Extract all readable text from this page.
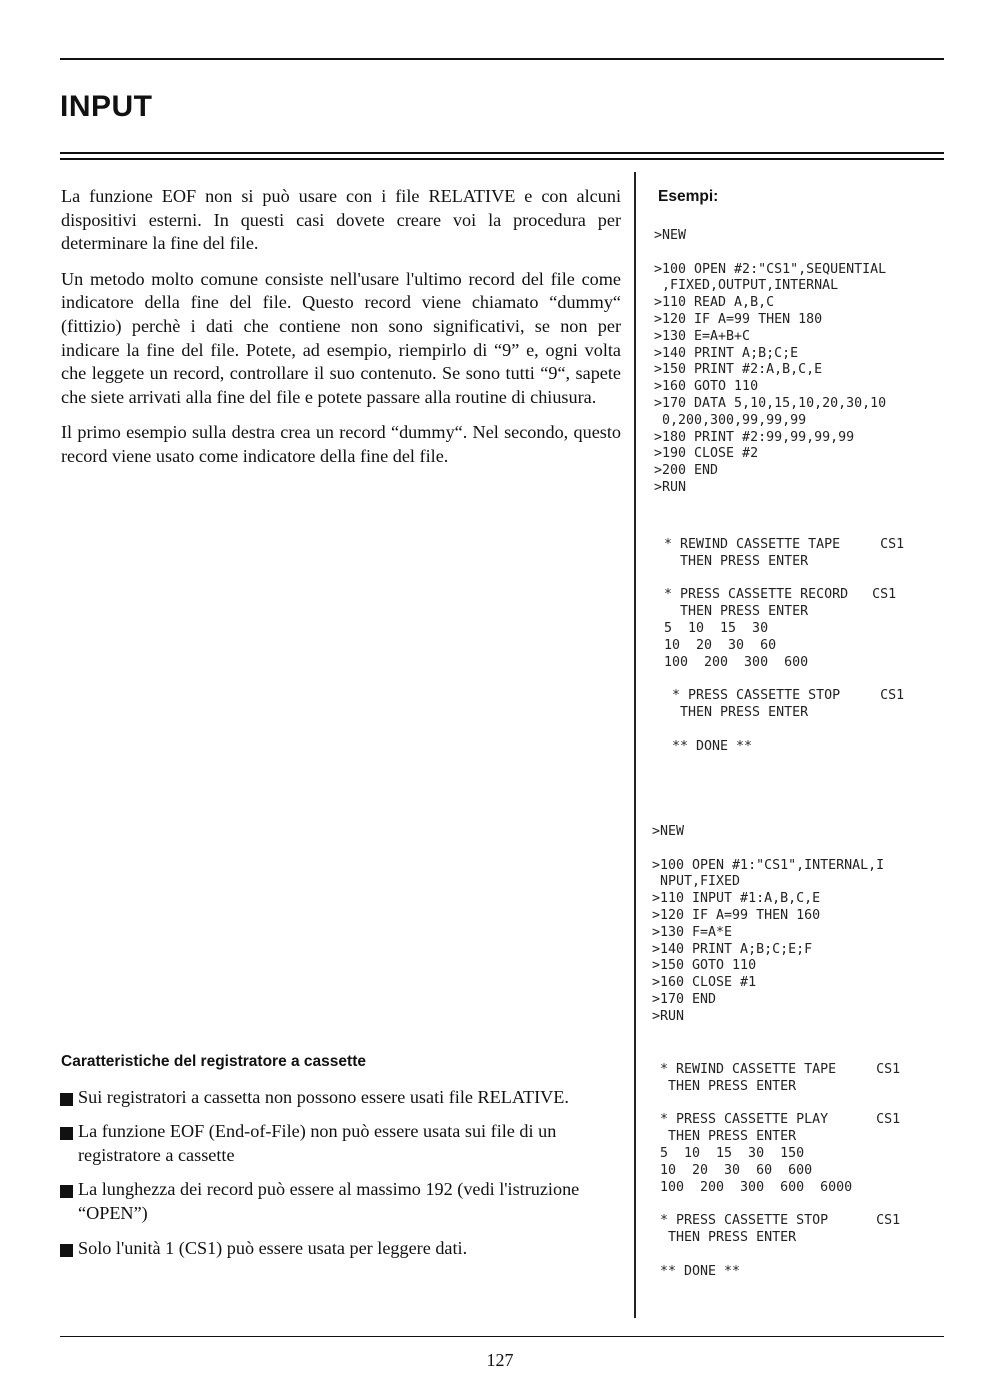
INPUT

La funzione EOF non si può usare con i file RELATIVE e con alcuni dispositivi esterni. In questi casi dovete creare voi la procedura per determinare la fine del file.

Un metodo molto comune consiste nell'usare l'ultimo record del file come indicatore della fine del file. Questo record viene chiamato “dummy“ (fittizio) perchè i dati che contiene non sono significativi, se non per indicare la fine del file. Potete, ad esempio, riempirlo di “9” e, ogni volta che leggete un record, controllare il suo contenuto. Se sono tutti “9“, sapete che siete arrivati alla fine del file e potete passare alla routine di chiusura.

Il primo esempio sulla destra crea un record “dummy“. Nel secondo, questo record viene usato come indicatore della fine del file.

Caratteristiche del registratore a cassette
Sui registratori a cassetta non possono essere usati file RELATIVE.
La funzione EOF (End-of-File) non può essere usata sui file di un registratore a cassette
La lunghezza dei record può essere al massimo 192 (vedi l'istruzione “OPEN”)
Solo l'unità 1 (CS1) può essere usata per leggere dati.
Esempi:
>NEW

>100 OPEN #2:"CS1",SEQUENTIAL
,FIXED,OUTPUT,INTERNAL
>110 READ A,B,C
>120 IF A=99 THEN 180
>130 E=A+B+C
>140 PRINT A;B;C;E
>150 PRINT #2:A,B,C,E
>160 GOTO 110
>170 DATA 5,10,15,10,20,30,10
0,200,300,99,99,99
>180 PRINT #2:99,99,99,99
>190 CLOSE #2
>200 END
>RUN
* REWIND CASSETTE TAPE     CS1
THEN PRESS ENTER

* PRESS CASSETTE RECORD   CS1
THEN PRESS ENTER
5  10  15  30
10  20  30  60
100  200  300  600

* PRESS CASSETTE STOP     CS1
THEN PRESS ENTER

** DONE **
>NEW

>100 OPEN #1:"CS1",INTERNAL,I
NPUT,FIXED
>110 INPUT #1:A,B,C,E
>120 IF A=99 THEN 160
>130 F=A*E
>140 PRINT A;B;C;E;F
>150 GOTO 110
>160 CLOSE #1
>170 END
>RUN
* REWIND CASSETTE TAPE     CS1
THEN PRESS ENTER

* PRESS CASSETTE PLAY      CS1
THEN PRESS ENTER
5  10  15  30  150
10  20  30  60  600
100  200  300  600  6000

* PRESS CASSETTE STOP      CS1
THEN PRESS ENTER

** DONE **
127
